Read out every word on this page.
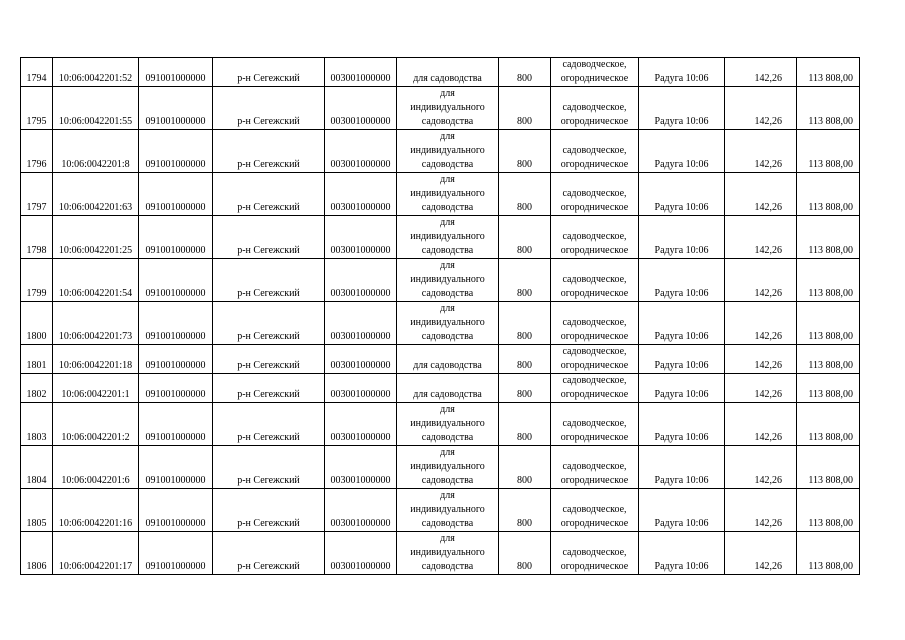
1794	10:06:0042201:52	091001000000	р-н Сегежский	003001000000	для садоводства	800	садоводческое,
огородническое	Радуга 10:06	142,26	113 808,00
1795	10:06:0042201:55	091001000000	р-н Сегежский	003001000000	для
индивидуального
садоводства	800	садоводческое,
огородническое	Радуга 10:06	142,26	113 808,00
1796	10:06:0042201:8	091001000000	р-н Сегежский	003001000000	для
индивидуального
садоводства	800	садоводческое,
огородническое	Радуга 10:06	142,26	113 808,00
1797	10:06:0042201:63	091001000000	р-н Сегежский	003001000000	для
индивидуального
садоводства	800	садоводческое,
огородническое	Радуга 10:06	142,26	113 808,00
1798	10:06:0042201:25	091001000000	р-н Сегежский	003001000000	для
индивидуального
садоводства	800	садоводческое,
огородническое	Радуга 10:06	142,26	113 808,00
1799	10:06:0042201:54	091001000000	р-н Сегежский	003001000000	для
индивидуального
садоводства	800	садоводческое,
огородническое	Радуга 10:06	142,26	113 808,00
1800	10:06:0042201:73	091001000000	р-н Сегежский	003001000000	для
индивидуального
садоводства	800	садоводческое,
огородническое	Радуга 10:06	142,26	113 808,00
1801	10:06:0042201:18	091001000000	р-н Сегежский	003001000000	для садоводства	800	садоводческое,
огородническое	Радуга 10:06	142,26	113 808,00
1802	10:06:0042201:1	091001000000	р-н Сегежский	003001000000	для садоводства	800	садоводческое,
огородническое	Радуга 10:06	142,26	113 808,00
1803	10:06:0042201:2	091001000000	р-н Сегежский	003001000000	для
индивидуального
садоводства	800	садоводческое,
огородническое	Радуга 10:06	142,26	113 808,00
1804	10:06:0042201:6	091001000000	р-н Сегежский	003001000000	для
индивидуального
садоводства	800	садоводческое,
огородническое	Радуга 10:06	142,26	113 808,00
1805	10:06:0042201:16	091001000000	р-н Сегежский	003001000000	для
индивидуального
садоводства	800	садоводческое,
огородническое	Радуга 10:06	142,26	113 808,00
1806	10:06:0042201:17	091001000000	р-н Сегежский	003001000000	для
индивидуального
садоводства	800	садоводческое,
огородническое	Радуга 10:06	142,26	113 808,00
